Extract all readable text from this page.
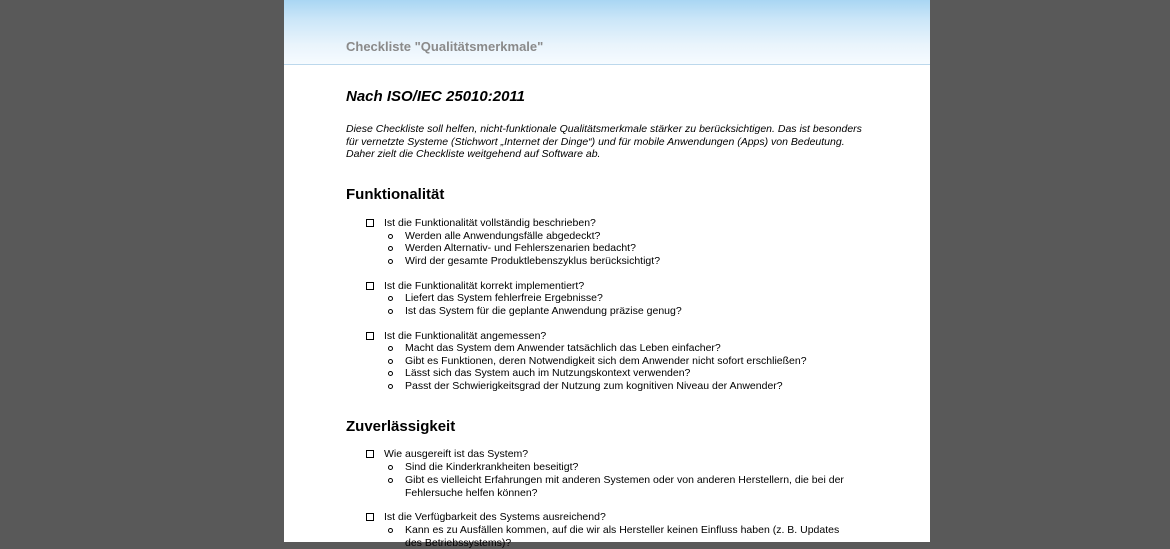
Checkliste "Qualitätsmerkmale"
Nach ISO/IEC 25010:2011
Diese Checkliste soll helfen, nicht-funktionale Qualitätsmerkmale stärker zu berücksichtigen. Das ist besonders für vernetzte Systeme (Stichwort „Internet der Dinge“) und für mobile Anwendungen (Apps) von Bedeutung. Daher zielt die Checkliste weitgehend auf Software ab.
Funktionalität
Ist die Funktionalität vollständig beschrieben?
Werden alle Anwendungsfälle abgedeckt?
Werden Alternativ- und Fehlerszenarien bedacht?
Wird der gesamte Produktlebenszyklus berücksichtigt?
Ist die Funktionalität korrekt implementiert?
Liefert das System fehlerfreie Ergebnisse?
Ist das System für die geplante Anwendung präzise genug?
Ist die Funktionalität angemessen?
Macht das System dem Anwender tatsächlich das Leben einfacher?
Gibt es Funktionen, deren Notwendigkeit sich dem Anwender nicht sofort erschließen?
Lässt sich das System auch im Nutzungskontext verwenden?
Passt der Schwierigkeitsgrad der Nutzung zum kognitiven Niveau der Anwender?
Zuverlässigkeit
Wie ausgereift ist das System?
Sind die Kinderkrankheiten beseitigt?
Gibt es vielleicht Erfahrungen mit anderen Systemen oder von anderen Herstellern, die bei der Fehlersuche helfen können?
Ist die Verfügbarkeit des Systems ausreichend?
Kann es zu Ausfällen kommen, auf die wir als Hersteller keinen Einfluss haben (z. B. Updates des Betriebssystems)?
